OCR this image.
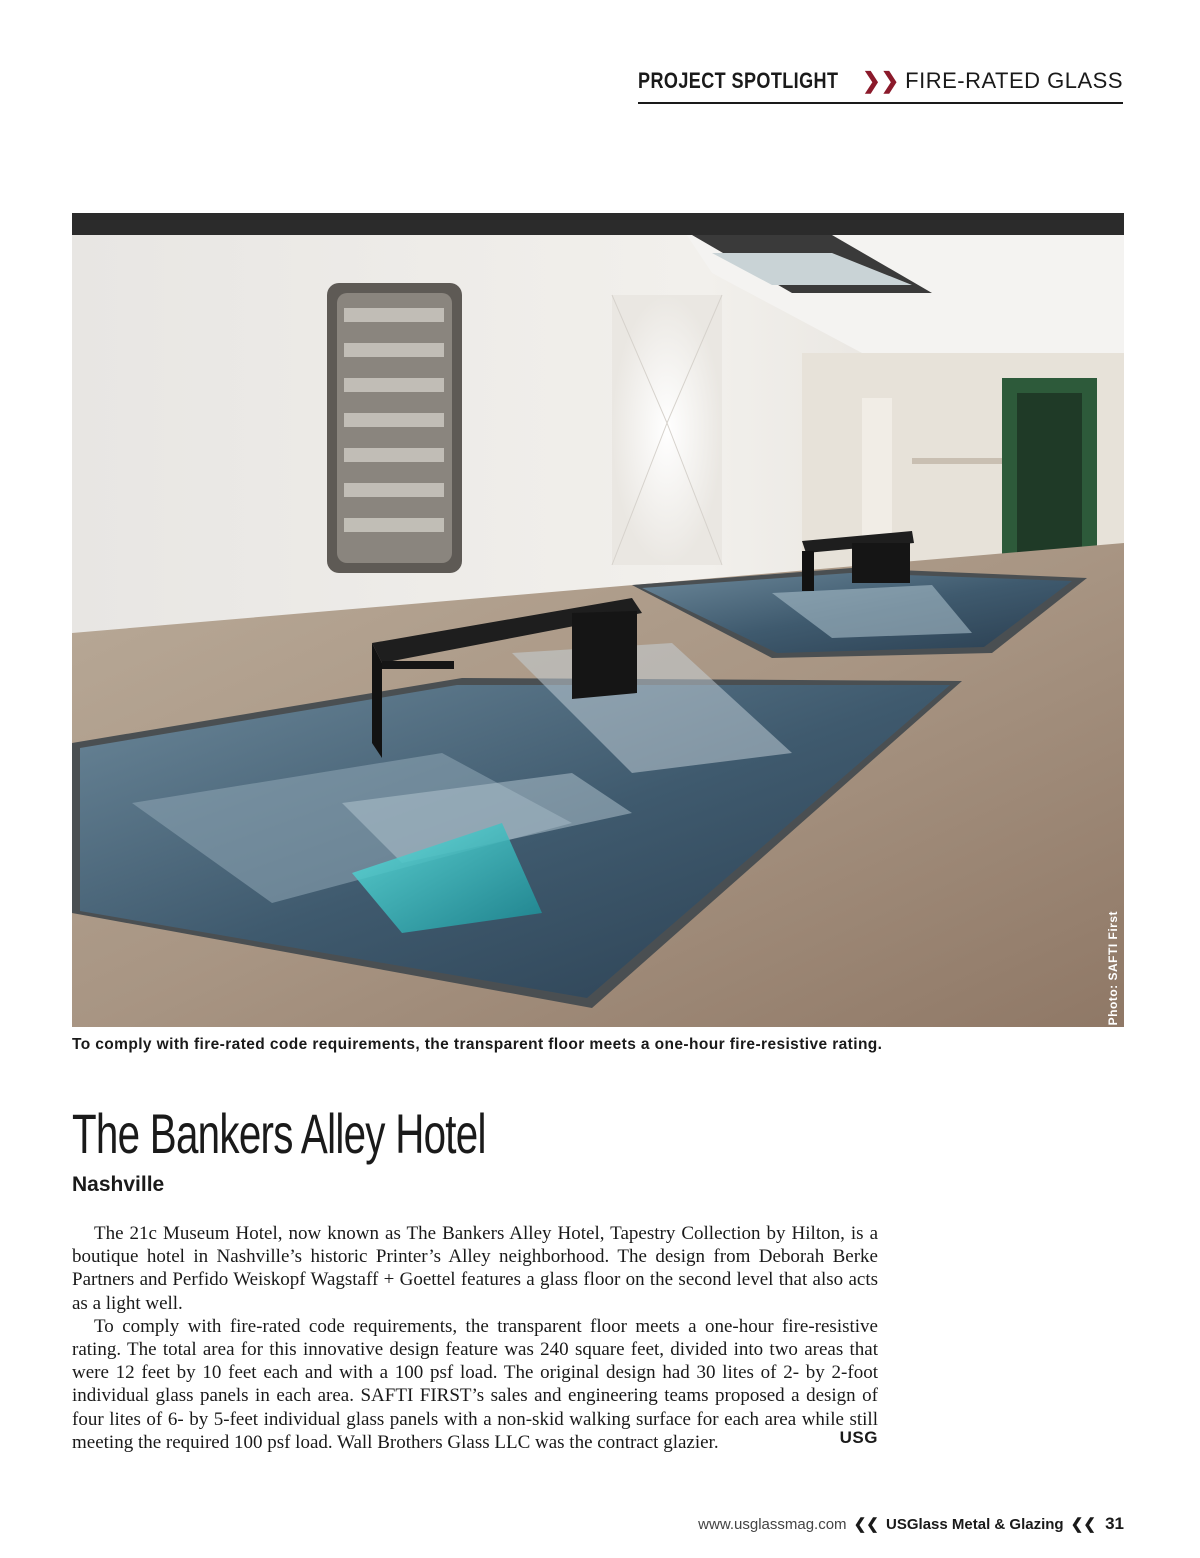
PROJECT SPOTLIGHT ❯❯ FIRE-RATED GLASS
Photo: SAFTI First
To comply with fire-rated code requirements, the transparent floor meets a one-hour fire-resistive rating.
The Bankers Alley Hotel
Nashville

The 21c Museum Hotel, now known as The Bankers Alley Hotel, Tapestry Collection by Hilton, is a boutique hotel in Nashville’s historic Printer’s Alley neighborhood. The design from Deborah Berke Partners and Perfido Weiskopf Wagstaff + Goettel features a glass floor on the second level that also acts as a light well.

To comply with fire-rated code requirements, the transparent floor meets a one-hour fire-resistive rating. The total area for this innovative design feature was 240 square feet, divided into two areas that were 12 feet by 10 feet each and with a 100 psf load. The original design had 30 lites of 2- by 2-foot individual glass panels in each area. SAFTI FIRST’s sales and engineering teams proposed a design of four lites of 6- by 5-feet individual glass panels with a non-skid walking surface for each area while still meeting the required 100 psf load. Wall Brothers Glass LLC was the contract glazier.	USG
www.usglassmag.com ❮❮ USGlass Metal & Glazing ❮❮ 31
